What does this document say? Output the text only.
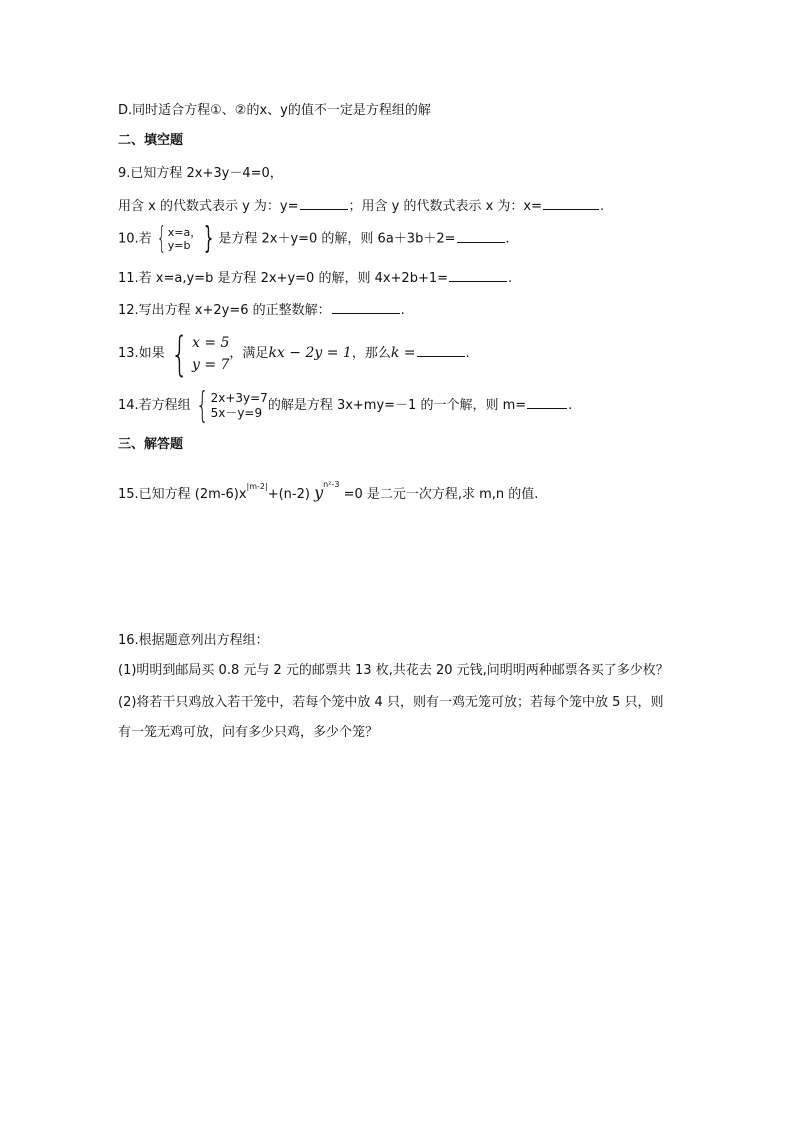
D.同时适合方程①、②的x、y的值不一定是方程组的解
二、填空题
9.已知方程 2x+3y－4=0，
用含 x 的代数式表示 y 为：y=	；用含 y 的代数式表示 x 为：x=	.
10.若 { x=a，
y=b } 是方程 2x＋y=0 的解，则 6a＋3b＋2=	.
11.若 x=a,y=b 是方程 2x+y=0 的解，则 4x+2b+1=	.
12.写出方程 x+2y=6 的正整数解：	.
13.如果 { x = 5
y = 7，满足kx − 2y = 1，那么k =	.
14.若方程组 { 2x+3y=7
5x－y=9 的解是方程 3x+my=－1 的一个解，则 m=	.
三、解答题
15.已知方程 $(2m-6)x^{|m-2|}+(n-2)$ $y^{n^2-3} =0$ 是二元一次方程,求 m,n 的值.
16.根据题意列出方程组：
(1)明明到邮局买 0.8 元与 2 元的邮票共 13 枚,共花去 20 元钱,问明明两种邮票各买了多少枚？
(2)将若干只鸡放入若干笼中，若每个笼中放 4 只，则有一鸡无笼可放；若每个笼中放 5 只，则
有一笼无鸡可放，问有多少只鸡，多少个笼？
